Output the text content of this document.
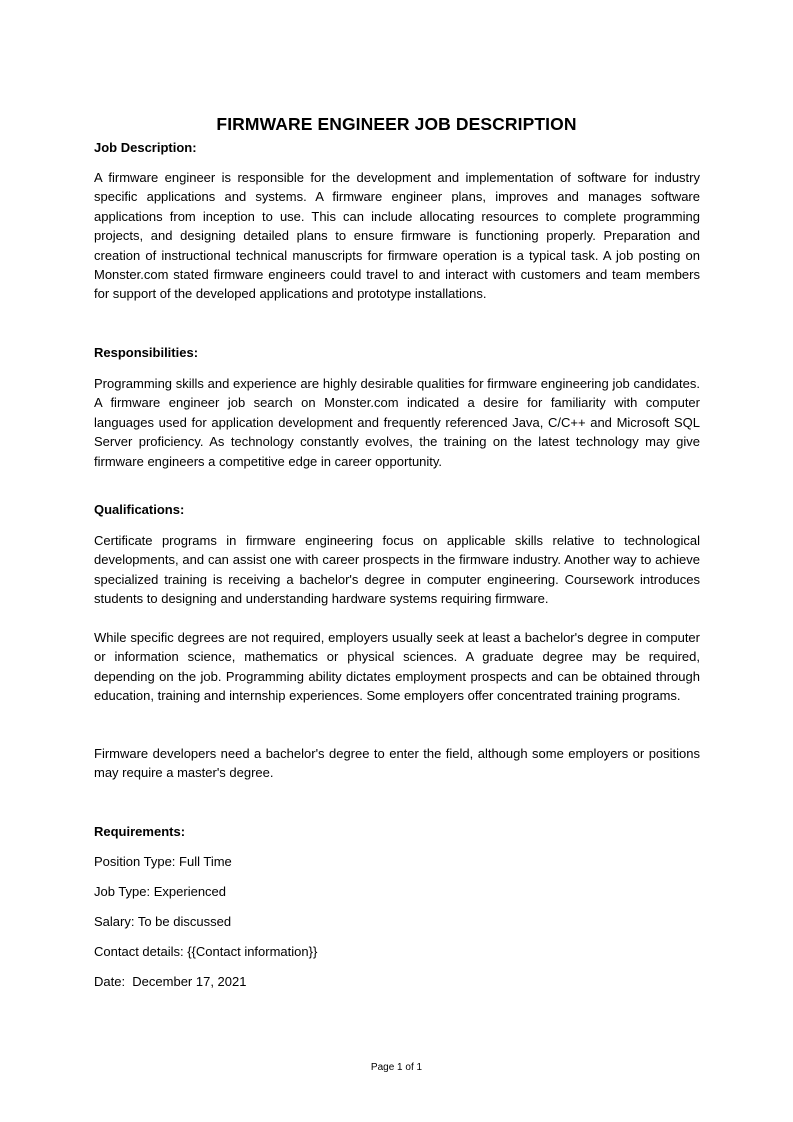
FIRMWARE ENGINEER JOB DESCRIPTION
Job Description:

A firmware engineer is responsible for the development and implementation of software for industry specific applications and systems. A firmware engineer plans, improves and manages software applications from inception to use. This can include allocating resources to complete programming projects, and designing detailed plans to ensure firmware is functioning properly. Preparation and creation of instructional technical manuscripts for firmware operation is a typical task. A job posting on Monster.com stated firmware engineers could travel to and interact with customers and team members for support of the developed applications and prototype installations.

Responsibilities:

Programming skills and experience are highly desirable qualities for firmware engineering job candidates. A firmware engineer job search on Monster.com indicated a desire for familiarity with computer languages used for application development and frequently referenced Java, C/C++ and Microsoft SQL Server proficiency. As technology constantly evolves, the training on the latest technology may give firmware engineers a competitive edge in career opportunity.

Qualifications:

Certificate programs in firmware engineering focus on applicable skills relative to technological developments, and can assist one with career prospects in the firmware industry. Another way to achieve specialized training is receiving a bachelor's degree in computer engineering. Coursework introduces students to designing and understanding hardware systems requiring firmware.

While specific degrees are not required, employers usually seek at least a bachelor's degree in computer or information science, mathematics or physical sciences. A graduate degree may be required, depending on the job. Programming ability dictates employment prospects and can be obtained through education, training and internship experiences. Some employers offer concentrated training programs.

Firmware developers need a bachelor's degree to enter the field, although some employers or positions may require a master's degree.

Requirements:
Position Type: Full Time
Job Type: Experienced
Salary: To be discussed
Contact details: {{Contact information}}
Date:  December 17, 2021
Page 1 of 1
